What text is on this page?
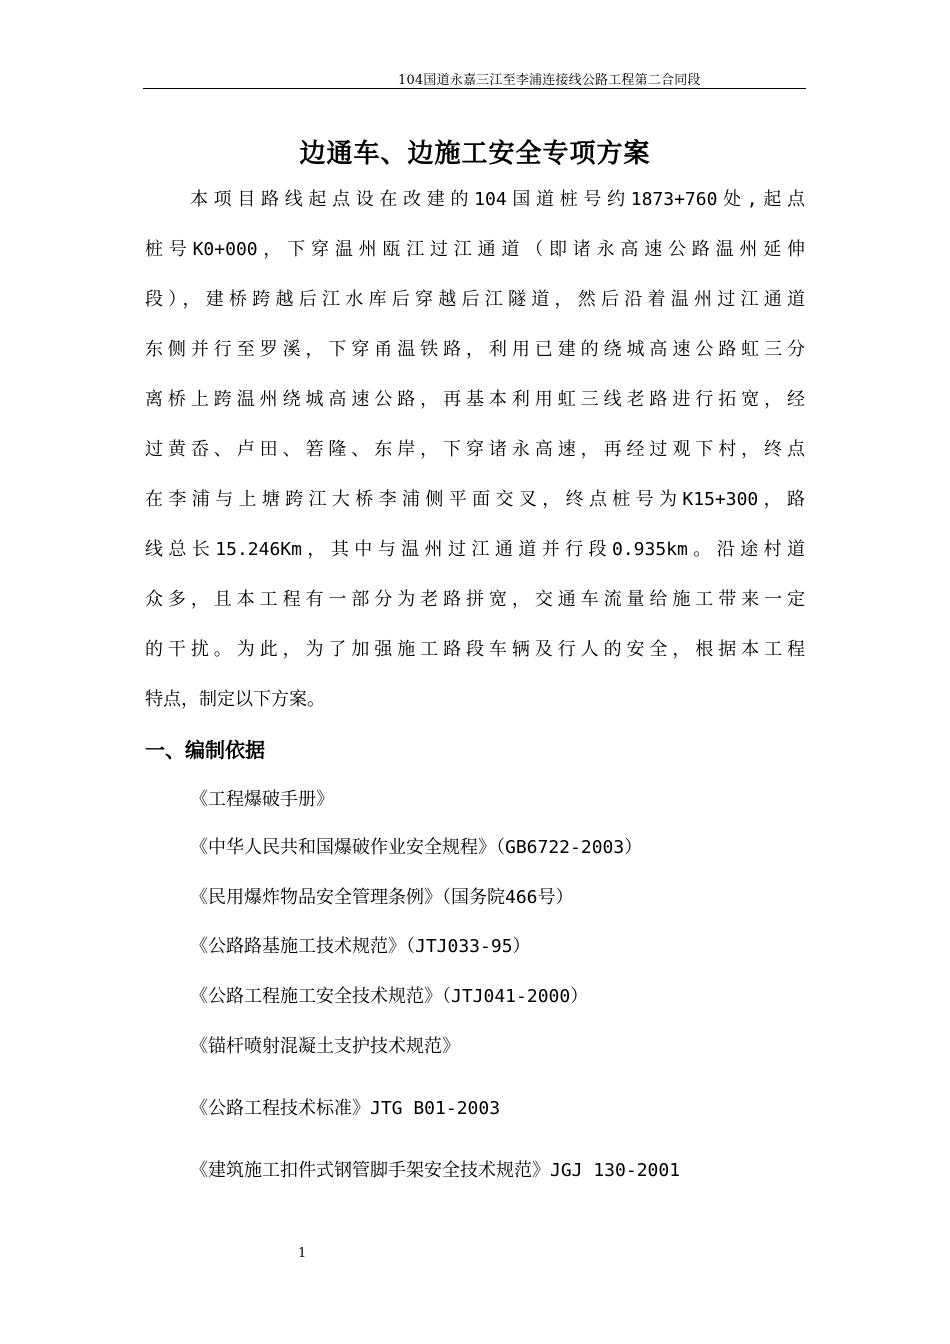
104国道永嘉三江至李浦连接线公路工程第二合同段
边通车、边施工安全专项方案
本项目路线起点设在改建的104国道桩号约1873+760处,起点
桩号K0+000，下穿温州瓯江过江通道（即诸永高速公路温州延伸
段），建桥跨越后江水库后穿越后江隧道，然后沿着温州过江通道
东侧并行至罗溪，下穿甬温铁路，利用已建的绕城高速公路虹三分
离桥上跨温州绕城高速公路，再基本利用虹三线老路进行拓宽，经
过黄岙、卢田、箬隆、东岸，下穿诸永高速，再经过观下村，终点
在李浦与上塘跨江大桥李浦侧平面交叉，终点桩号为K15+300，路
线总长15.246Km，其中与温州过江通道并行段0.935km。沿途村道
众多，且本工程有一部分为老路拼宽，交通车流量给施工带来一定
的干扰。为此，为了加强施工路段车辆及行人的安全，根据本工程
特点，制定以下方案。
一、编制依据
《工程爆破手册》
《中华人民共和国爆破作业安全规程》（GB6722-2003）
《民用爆炸物品安全管理条例》（国务院466号）
《公路路基施工技术规范》（JTJ033-95）
《公路工程施工安全技术规范》（JTJ041-2000）
《锚杆喷射混凝土支护技术规范》
《公路工程技术标准》JTG B01-2003
《建筑施工扣件式钢管脚手架安全技术规范》JGJ 130-2001
1
